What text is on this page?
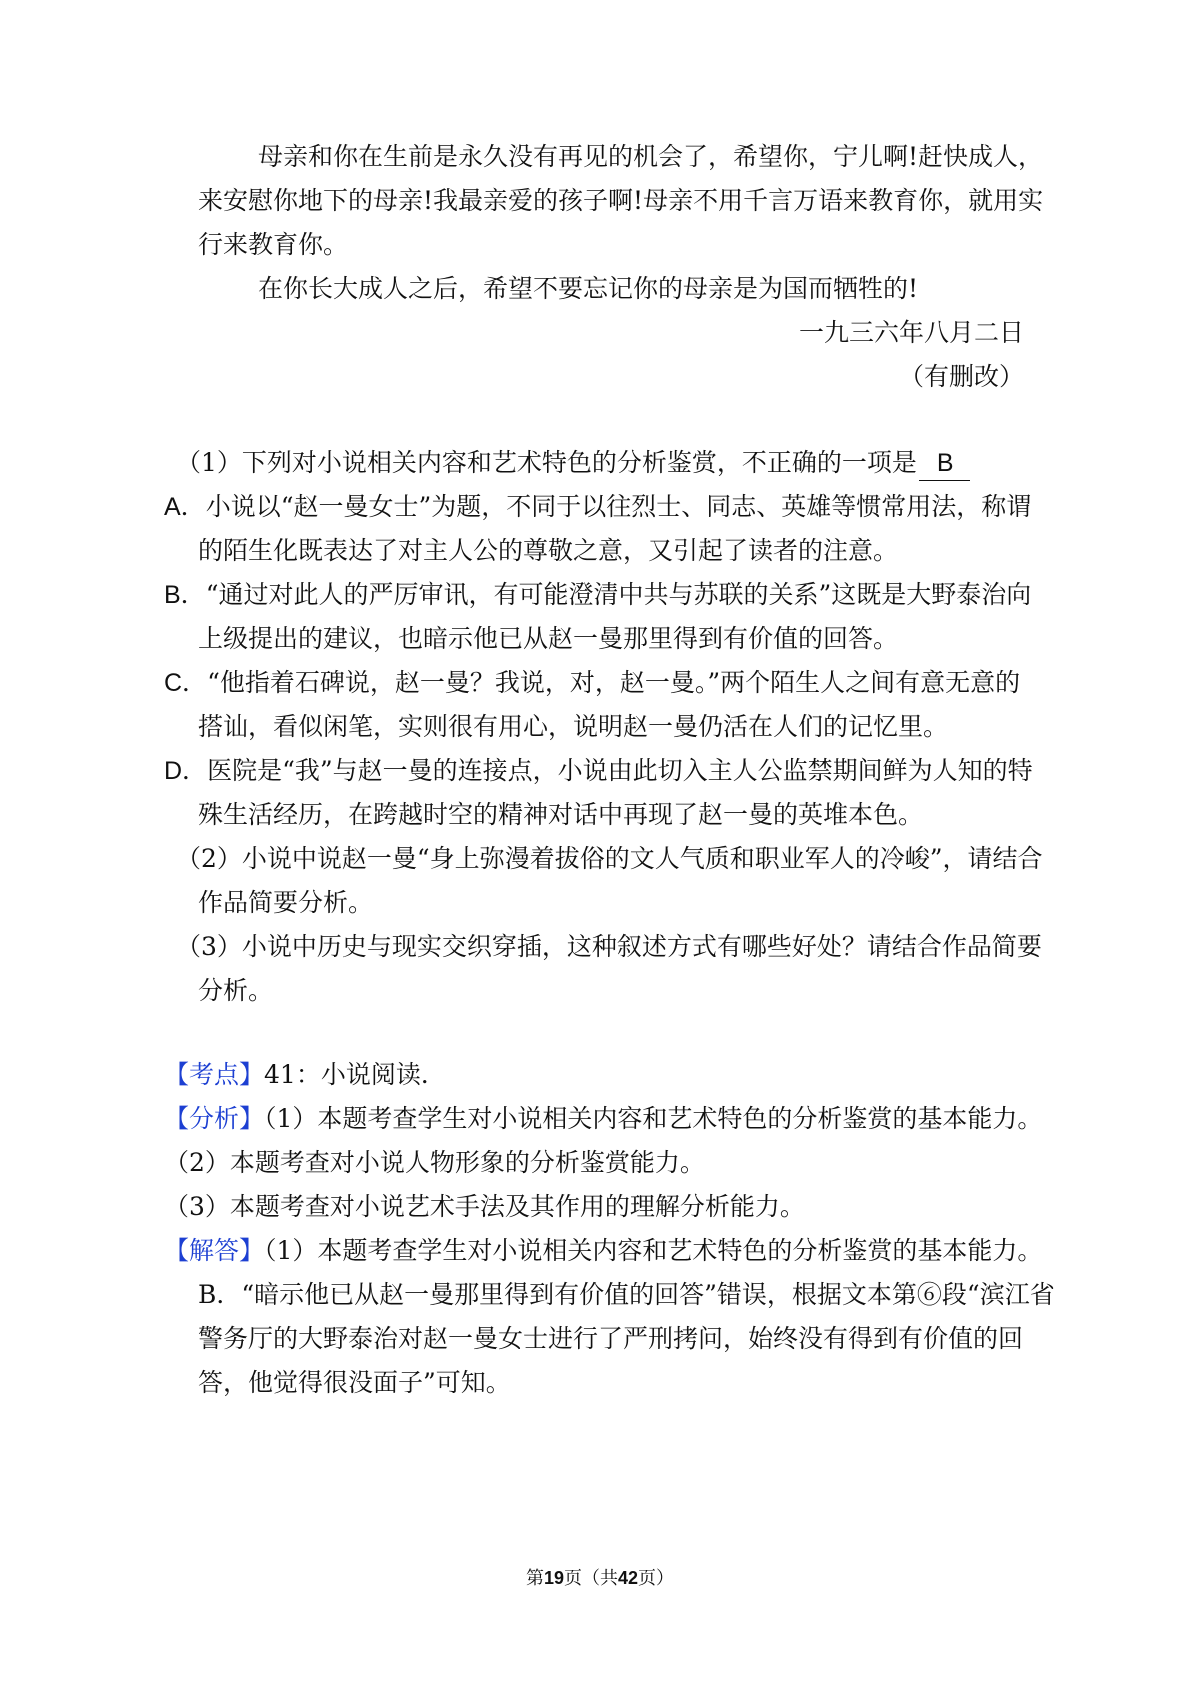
母亲和你在生前是永久没有再见的机会了，希望你，宁儿啊!赶快成人，
来安慰你地下的母亲!我最亲爱的孩子啊!母亲不用千言万语来教育你，就用实
行来教育你。
在你长大成人之后，希望不要忘记你的母亲是为国而牺牲的!
一九三六年八月二日
（有删改）
（1）下列对小说相关内容和艺术特色的分析鉴赏，不正确的一项是 B
A．小说以“赵一曼女士”为题，不同于以往烈士、同志、英雄等惯常用法，称谓
的陌生化既表达了对主人公的尊敬之意，又引起了读者的注意。
B．“通过对此人的严厉审讯，有可能澄清中共与苏联的关系”这既是大野泰治向
上级提出的建议，也暗示他已从赵一曼那里得到有价值的回答。
C．“他指着石碑说，赵一曼？我说，对，赵一曼。”两个陌生人之间有意无意的
搭讪，看似闲笔，实则很有用心，说明赵一曼仍活在人们的记忆里。
D．医院是“我”与赵一曼的连接点，小说由此切入主人公监禁期间鲜为人知的特
殊生活经历，在跨越时空的精神对话中再现了赵一曼的英堆本色。
（2）小说中说赵一曼“身上弥漫着拔俗的文人气质和职业军人的冷峻”，请结合
作品简要分析。
（3）小说中历史与现实交织穿插，这种叙述方式有哪些好处？请结合作品简要
分析。
【考点】41：小说阅读．
【分析】（1）本题考查学生对小说相关内容和艺术特色的分析鉴赏的基本能力。
（2）本题考查对小说人物形象的分析鉴赏能力。
（3）本题考查对小说艺术手法及其作用的理解分析能力。
【解答】（1）本题考查学生对小说相关内容和艺术特色的分析鉴赏的基本能力。
B．“暗示他已从赵一曼那里得到有价值的回答”错误，根据文本第⑥段“滨江省
警务厅的大野泰治对赵一曼女士进行了严刑拷问，始终没有得到有价值的回
答，他觉得很没面子”可知。
第19页（共42页）
